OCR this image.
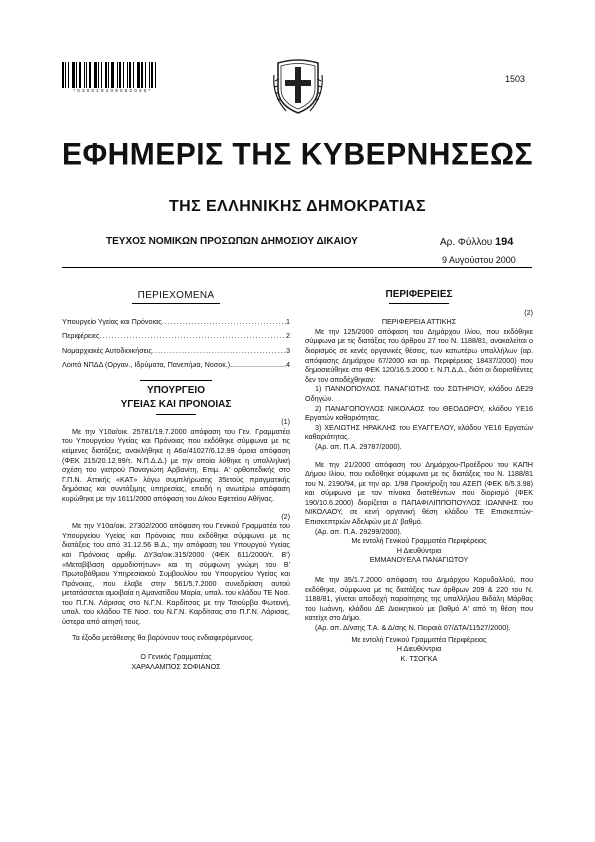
* 0 3 0 0 1 9 4 0 9 0 8 0 0 0 0 *
1503
ΕΦΗΜΕΡΙΣ ΤΗΣ ΚΥΒΕΡΝΗΣΕΩΣ
ΤΗΣ ΕΛΛΗΝΙΚΗΣ ΔΗΜΟΚΡΑΤΙΑΣ
ΤΕΥΧΟΣ ΝΟΜΙΚΩΝ ΠΡΟΣΩΠΩΝ ΔΗΜΟΣΙΟΥ ΔΙΚΑΙΟΥ	Αρ. Φύλλου 194
9 Αυγούστου 2000
ΠΕΡΙΕΧΟΜΕΝΑ
Υπουργείο Υγείας και Πρόνοιας .....	1
Περιφέρειες .....	2
Νομαρχιακές Αυτοδιοικήσεις .....	3
Λοιπά ΝΠΔΔ (Οργαν., Ιδρύματα, Πανεπ/μια, Νοσοκ.) .....	4
ΥΠΟΥΡΓΕΙΟ
ΥΓΕΙΑΣ ΚΑΙ ΠΡΟΝΟΙΑΣ
(1)

Με την Υ10α/οικ. 25781/19.7.2000 απόφαση του Γεν. Γραμματέα του Υπουργείου Υγείας και Πρόνοιας που εκδόθηκε σύμφωνα με τις κείμενες διατάξεις, ανακλήθηκε η Α6α/41027/6.12.99 όμοια απόφαση (ΦΕΚ 215/20.12.99/τ. Ν.Π.Δ.Δ.) με την οποία λύθηκε η υπαλληλική σχέση του γιατρού Παναγιώτη Αρβανίτη, Επιμ. Α' ορθοπεδικής στο Γ.Π.Ν. Αττικής «ΚΑΤ» λόγω συμπλήρωσης 35ετούς πραγματικής δημόσιας και συντάξιμης υπηρεσίας, επειδή η ανωτέρω απόφαση κυρώθηκε με την 1611/2000 απόφαση του Δ/κου Εφετείου Αθήνας.

(2)

Με την Υ10α/οικ. 27302/2000 απόφαση του Γενικού Γραμματέα του Υπουργείου Υγείας και Πρόνοιας που εκδόθηκε σύμφωνα με τις διατάξεις του από 31.12.56 Β.Δ., την απόφαση του Υπουργού Υγείας και Πρόνοιας αριθμ. ΔΥ3α/οικ.315/2000 (ΦΕΚ 611/2000/τ. Β') «Μεταβίβαση αρμοδιοτήτων» και τη σύμφωνη γνώμη του Β' Πρωτοβάθμιου Υπηρεσιακού Συμβουλίου του Υπουργείου Υγείας και Πρόνοιας, που έλαβε στην 561/5.7.2000 συνεδρίαση αυτού μετατάσσεται αμοιβαία η Αμανατίδου Μαρία, υπαλ. του κλάδου ΤΕ Νοσ. του Π.Γ.Ν. Λάρισας στο Ν.Γ.Ν. Καρδίτσας με την Τσιούρβα Φωτεινή, υπαλ. του κλάδου ΤΕ Νοσ. του Ν.Γ.Ν. Καρδίτσας στο Π.Γ.Ν. Λάρισας, ύστερα από αίτησή τους.

Τα έξοδα μετάθεσης θα βαρύνουν τους ενδιαφερόμενους.

Ο Γενικός Γραμματέας
ΧΑΡΑΛΑΜΠΟΣ ΣΟΦΙΑΝΟΣ
ΠΕΡΙΦΕΡΕΙΕΣ
(2)
ΠΕΡΙΦΕΡΕΙΑ ΑΤΤΙΚΗΣ

Με την 125/2000 απόφαση του Δημάρχου Ιλίου, που εκδόθηκε σύμφωνα με τις διατάξεις του άρθρου 27 του Ν. 1188/81, ανακαλείται ο διορισμός σε κενές οργανικές θέσεις, των κατωτέρω υπαλλήλων (αρ. απόφασης Δημάρχου 67/2000 και αρ. Περιφέρειας 18437/2000) που δημοσιεύθηκε στο ΦΕΚ 120/16.5.2000 τ. Ν.Π.Δ.Δ., διότι οι διορισθέντες δεν τον αποδέχθηκαν:

1) ΠΑΝΝΟΠΟΥΛΟΣ ΠΑΝΑΓΙΩΤΗΣ του ΣΩΤΗΡΙΟΥ, κλάδου ΔΕ29 Οδηγών.

2) ΠΑΝΑΓΟΠΟΥΛΟΣ ΝΙΚΟΛΑΟΣ του ΘΕΟΔΩΡΟΥ, κλάδου ΥΕ16 Εργατών καθαριότητας.

3) ΧΕΛΙΩΤΗΣ ΗΡΑΚΛΗΣ του ΕΥΑΓΓΕΛΟΥ, κλάδου ΥΕ16 Εργατών καθαριότητας.

(Αρ. απ. Π.Α. 29787/2000).

Με την 21/2000 απόφαση του Δημάρχου-Προέδρου του ΚΑΠΗ Δήμου Ιλίου, που εκδόθηκε σύμφωνα με τις διατάξεις του Ν. 1188/81 του Ν. 2190/94, με την αρ. 1/98 Προκήρυξη του ΑΣΕΠ (ΦΕΚ 6/5.3.98) και σύμφωνα με τον πίνακα διατεθέντων που διορισμό (ΦΕΚ 190/10.6.2000) διορίζεται ο ΠΑΠΑΦΙΛΙΠΠΟΠΟΥΛΟΣ ΙΩΑΝΝΗΣ του ΝΙΚΟΛΑΟΥ, σε κενή οργανική θέση κλάδου ΤΕ Επισκεπτών-Επισκεπτριών Αδελφών με Δ' βαθμό.

(Αρ. απ. Π.Α. 29299/2000).

Με εντολή Γενικού Γραμματέα Περιφέρειας
Η Διευθύντρια
ΕΜΜΑΝΟΥΕΛΑ ΠΑΝΑΓΙΩΤΟΥ

Με την 35/1.7.2000 απόφαση του Δημάρχου Κορυδαλλού, που εκδόθηκε, σύμφωνα με τις διατάξεις των άρθρων 209 & 220 του Ν. 1188/81, γίνεται αποδοχή παραίτησης της υπαλλήλου Βιδάλη Μάρθας του Ιωάννη, κλάδου ΔΕ Διοικητικού με βαθμό Α' από τη θέση που κατείχε στο Δήμο.

(Αρ. απ. Δ/νσης Τ.Α. & Δ/σης Ν. Πειραιά 07/ΔΤΑ/11527/2000).

Με εντολή Γενικού Γραμματέα Περιφέρειας
Η Διευθύντρια
Κ. ΤΣΟΓΚΑ
